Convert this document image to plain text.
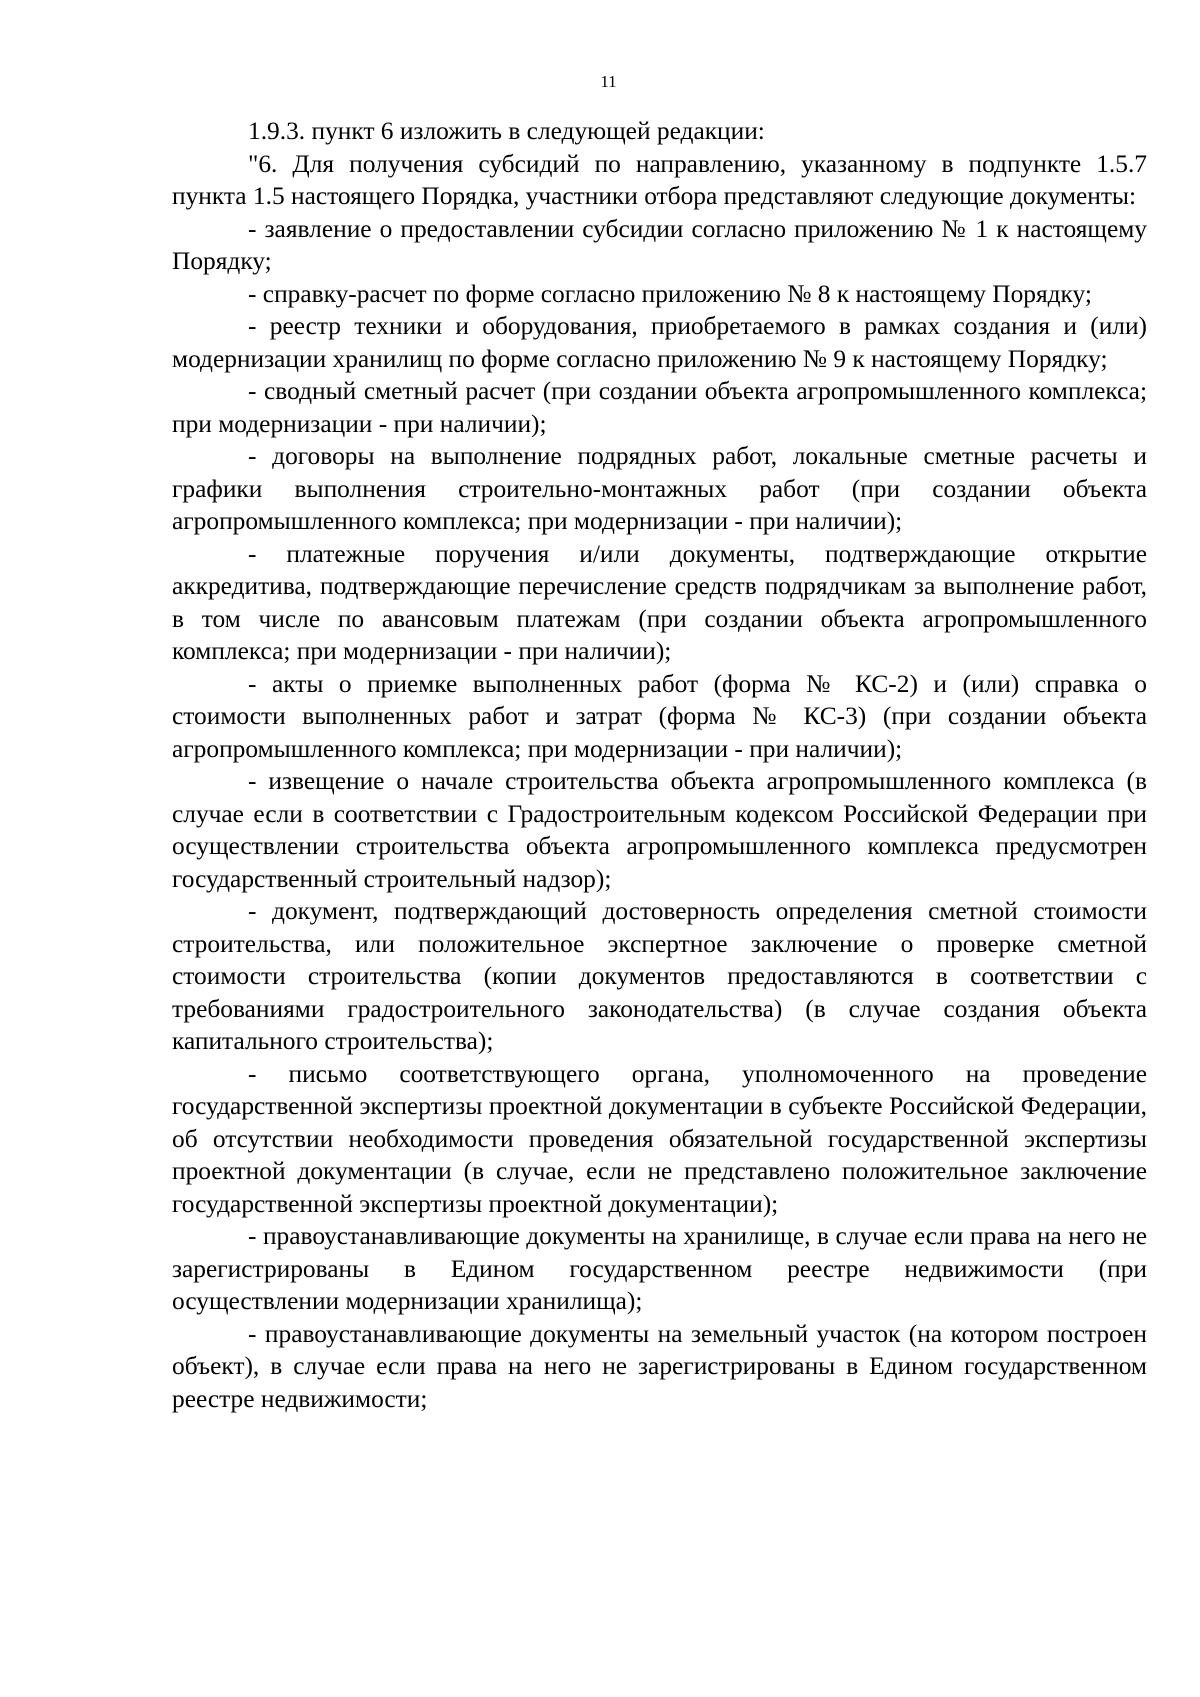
11

1.9.3. пункт 6 изложить в следующей редакции:

"6. Для получения субсидий по направлению, указанному в подпункте 1.5.7 пункта 1.5 настоящего Порядка, участники отбора представляют следующие документы:

- заявление о предоставлении субсидии согласно приложению № 1 к настоящему Порядку;

- справку-расчет по форме согласно приложению № 8 к настоящему Порядку;

- реестр техники и оборудования, приобретаемого в рамках создания и (или) модернизации хранилищ по форме согласно приложению № 9 к настоящему Порядку;

- сводный сметный расчет (при создании объекта агропромышленного комплекса; при модернизации - при наличии);

- договоры на выполнение подрядных работ, локальные сметные расчеты и графики выполнения строительно-монтажных работ (при создании объекта агропромышленного комплекса; при модернизации - при наличии);

- платежные поручения и/или документы, подтверждающие открытие аккредитива, подтверждающие перечисление средств подрядчикам за выполнение работ, в том числе по авансовым платежам (при создании объекта агропромышленного комплекса; при модернизации - при наличии);

- акты о приемке выполненных работ (форма № КС-2) и (или) справка о стоимости выполненных работ и затрат (форма № КС-3) (при создании объекта агропромышленного комплекса; при модернизации - при наличии);

- извещение о начале строительства объекта агропромышленного комплекса (в случае если в соответствии с Градостроительным кодексом Российской Федерации при осуществлении строительства объекта агропромышленного комплекса предусмотрен государственный строительный надзор);

- документ, подтверждающий достоверность определения сметной стоимости строительства, или положительное экспертное заключение о проверке сметной стоимости строительства (копии документов предоставляются в соответствии с требованиями градостроительного законодательства) (в случае создания объекта капитального строительства);

- письмо соответствующего органа, уполномоченного на проведение государственной экспертизы проектной документации в субъекте Российской Федерации, об отсутствии необходимости проведения обязательной государственной экспертизы проектной документации (в случае, если не представлено положительное заключение государственной экспертизы проектной документации);

- правоустанавливающие документы на хранилище, в случае если права на него не зарегистрированы в Едином государственном реестре недвижимости (при осуществлении модернизации хранилища);

- правоустанавливающие документы на земельный участок (на котором построен объект), в случае если права на него не зарегистрированы в Едином государственном реестре недвижимости;
